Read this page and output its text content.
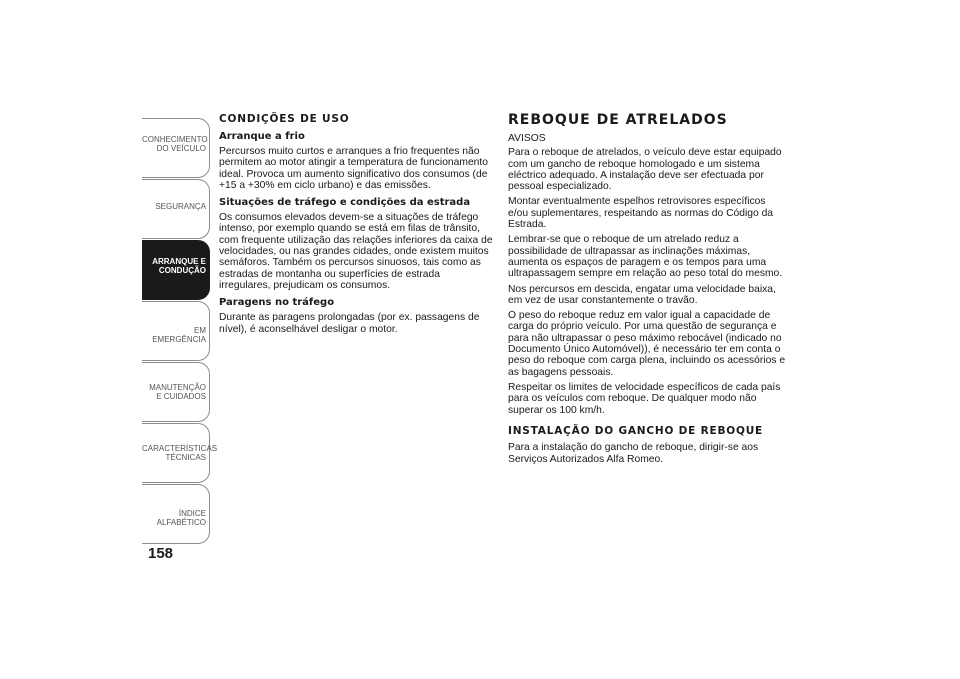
CONHECIMENTO DO VEÍCULO
SEGURANÇA
ARRANQUE E CONDUÇÃO
EM EMERGÊNCIA
MANUTENÇÃO E CUIDADOS
CARACTERÍSTICAS TÉCNICAS
ÍNDICE ALFABÉTICO
158
CONDIÇÕES DE USO
Arranque a frio

Percursos muito curtos e arranques a frio frequentes não permitem ao motor atingir a temperatura de funcionamento ideal. Provoca um aumento significativo dos consumos (de +15 a +30% em ciclo urbano) e das emissões.

Situações de tráfego e condições da estrada

Os consumos elevados devem-se a situações de tráfego intenso, por exemplo quando se está em filas de trânsito, com frequente utilização das relações inferiores da caixa de velocidades, ou nas grandes cidades, onde existem muitos semáforos. Também os percursos sinuosos, tais como as estradas de montanha ou superfícies de estrada irregulares, prejudicam os consumos.

Paragens no tráfego

Durante as paragens prolongadas (por ex. passagens de nível), é aconselhável desligar o motor.

REBOQUE DE ATRELADOS
AVISOS

Para o reboque de atrelados, o veículo deve estar equipado com um gancho de reboque homologado e um sistema eléctrico adequado. A instalação deve ser efectuada por pessoal especializado.

Montar eventualmente espelhos retrovisores específicos e/ou suplementares, respeitando as normas do Código da Estrada.

Lembrar-se que o reboque de um atrelado reduz a possibilidade de ultrapassar as inclinações máximas, aumenta os espaços de paragem e os tempos para uma ultrapassagem sempre em relação ao peso total do mesmo.

Nos percursos em descida, engatar uma velocidade baixa, em vez de usar constantemente o travão.

O peso do reboque reduz em valor igual a capacidade de carga do próprio veículo. Por uma questão de segurança e para não ultrapassar o peso máximo rebocável (indicado no Documento Único Automóvel)), é necessário ter em conta o peso do reboque com carga plena, incluindo os acessórios e as bagagens pessoais.

Respeitar os limites de velocidade específicos de cada país para os veículos com reboque. De qualquer modo não superar os 100 km/h.

INSTALAÇÃO DO GANCHO DE REBOQUE

Para a instalação do gancho de reboque, dirigir-se aos Serviços Autorizados Alfa Romeo.
